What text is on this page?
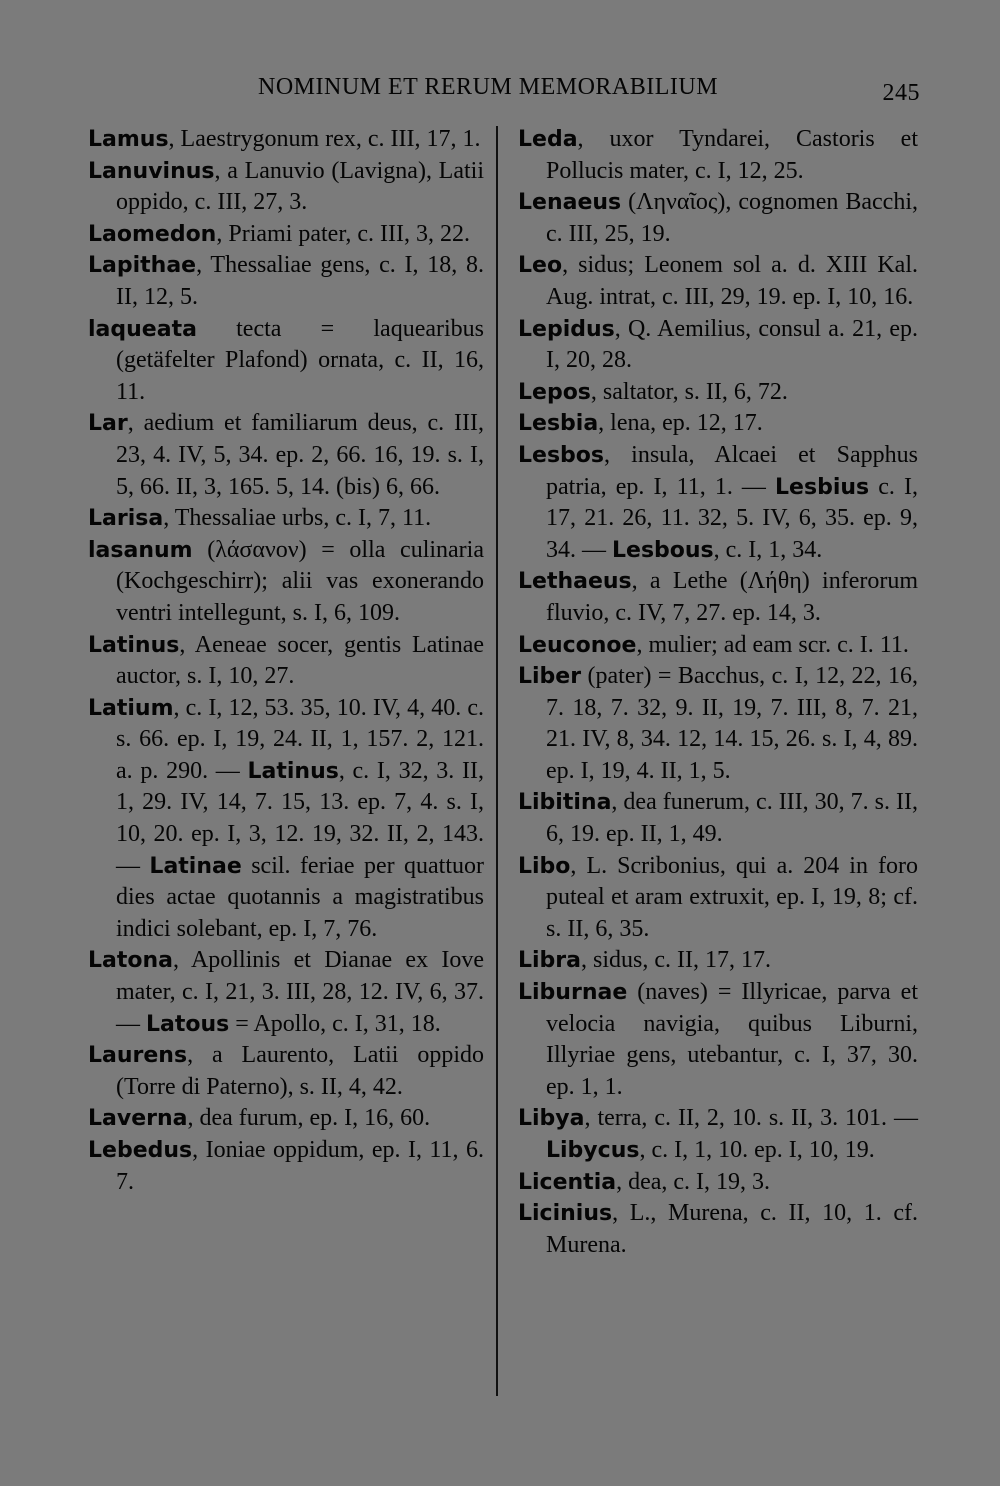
NOMINUM ET RERUM MEMORABILIUM	245

Lamus, Laestrygonum rex, c. III, 17, 1.

Lanuvinus, a Lanuvio (Lavigna), Latii oppido, c. III, 27, 3.

Laomedon, Priami pater, c. III, 3, 22.

Lapithae, Thessaliae gens, c. I, 18, 8. II, 12, 5.

laqueata tecta = laquearibus (getäfelter Plafond) ornata, c. II, 16, 11.

Lar, aedium et familiarum deus, c. III, 23, 4. IV, 5, 34. ep. 2, 66. 16, 19. s. I, 5, 66. II, 3, 165. 5, 14. (bis) 6, 66.

Larisa, Thessaliae urbs, c. I, 7, 11.

lasanum (λάσανον) = olla culinaria (Kochgeschirr); alii vas exonerando ventri intellegunt, s. I, 6, 109.

Latinus, Aeneae socer, gentis Latinae auctor, s. I, 10, 27.

Latium, c. I, 12, 53. 35, 10. IV, 4, 40. c. s. 66. ep. I, 19, 24. II, 1, 157. 2, 121. a. p. 290. — Latinus, c. I, 32, 3. II, 1, 29. IV, 14, 7. 15, 13. ep. 7, 4. s. I, 10, 20. ep. I, 3, 12. 19, 32. II, 2, 143. — Latinae scil. feriae per quattuor dies actae quotannis a magistratibus indici solebant, ep. I, 7, 76.

Latona, Apollinis et Dianae ex Iove mater, c. I, 21, 3. III, 28, 12. IV, 6, 37. — Latous = Apollo, c. I, 31, 18.

Laurens, a Laurento, Latii oppido (Torre di Paterno), s. II, 4, 42.

Laverna, dea furum, ep. I, 16, 60.

Lebedus, Ioniae oppidum, ep. I, 11, 6. 7.

Leda, uxor Tyndarei, Castoris et Pollucis mater, c. I, 12, 25.

Lenaeus (Ληναῖος), cognomen Bacchi, c. III, 25, 19.

Leo, sidus; Leonem sol a. d. XIII Kal. Aug. intrat, c. III, 29, 19. ep. I, 10, 16.

Lepidus, Q. Aemilius, consul a. 21, ep. I, 20, 28.

Lepos, saltator, s. II, 6, 72.

Lesbia, lena, ep. 12, 17.

Lesbos, insula, Alcaei et Sapphus patria, ep. I, 11, 1. — Lesbius c. I, 17, 21. 26, 11. 32, 5. IV, 6, 35. ep. 9, 34. — Lesbous, c. I, 1, 34.

Lethaeus, a Lethe (Λήθη) inferorum fluvio, c. IV, 7, 27. ep. 14, 3.

Leuconoe, mulier; ad eam scr. c. I. 11.

Liber (pater) = Bacchus, c. I, 12, 22, 16, 7. 18, 7. 32, 9. II, 19, 7. III, 8, 7. 21, 21. IV, 8, 34. 12, 14. 15, 26. s. I, 4, 89. ep. I, 19, 4. II, 1, 5.

Libitina, dea funerum, c. III, 30, 7. s. II, 6, 19. ep. II, 1, 49.

Libo, L. Scribonius, qui a. 204 in foro puteal et aram extruxit, ep. I, 19, 8; cf. s. II, 6, 35.

Libra, sidus, c. II, 17, 17.

Liburnae (naves) = Illyricae, parva et velocia navigia, quibus Liburni, Illyriae gens, utebantur, c. I, 37, 30. ep. 1, 1.

Libya, terra, c. II, 2, 10. s. II, 3. 101. — Libycus, c. I, 1, 10. ep. I, 10, 19.

Licentia, dea, c. I, 19, 3.

Licinius, L., Murena, c. II, 10, 1. cf. Murena.
